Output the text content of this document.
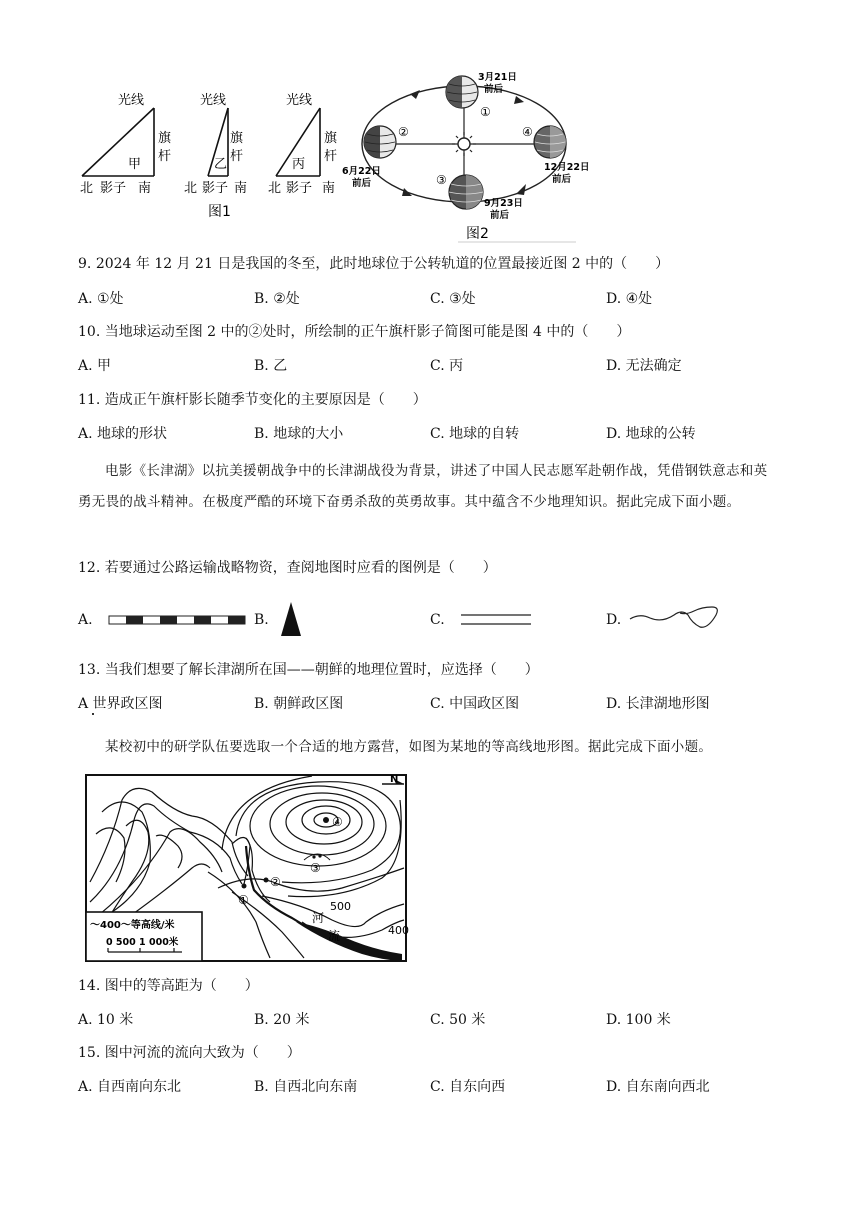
光线	光线
旗
杆
旗
杆
甲	乙
北 影子 南	北 影子 南
图1
光线
旗
杆
丙
北 影子 南
3月21日
前后
①
②
③
④
6月22日
前后
12月22日
前后
9月23日
前后
图2
9. 2024 年 12 月 21 日是我国的冬至，此时地球位于公转轨道的位置最接近图 2 中的（　　）
A. ①处	B. ②处	C. ③处	D. ④处
10. 当地球运动至图 2 中的②处时，所绘制的正午旗杆影子简图可能是图 4 中的（　　）
A. 甲	B. 乙	C. 丙	D. 无法确定
11. 造成正午旗杆影长随季节变化的主要原因是（　　）
A. 地球的形状	B. 地球的大小	C. 地球的自转	D. 地球的公转
电影《长津湖》以抗美援朝战争中的长津湖战役为背景，讲述了中国人民志愿军赴朝作战，凭借钢铁意志和英勇无畏的战斗精神。在极度严酷的环境下奋勇杀敌的英勇故事。其中蕴含不少地理知识。据此完成下面小题。
12. 若要通过公路运输战略物资，查阅地图时应看的图例是（　　）
A.	B.	C.	D.
13. 当我们想要了解长津湖所在国——朝鲜的地理位置时，应选择（　　）
A 世界政区图	B. 朝鲜政区图	C. 中国政区图	D. 长津湖地形图
某校初中的研学队伍要选取一个合适的地方露营，如图为某地的等高线地形图。据此完成下面小题。
N
①
②
③
④
500
400
河
流
～400～等高线/米
0 500 1 000米
14. 图中的等高距为（　　）
A. 10 米	B. 20 米	C. 50 米	D. 100 米
15. 图中河流的流向大致为（　　）
A. 自西南向东北	B. 自西北向东南	C. 自东向西	D. 自东南向西北
